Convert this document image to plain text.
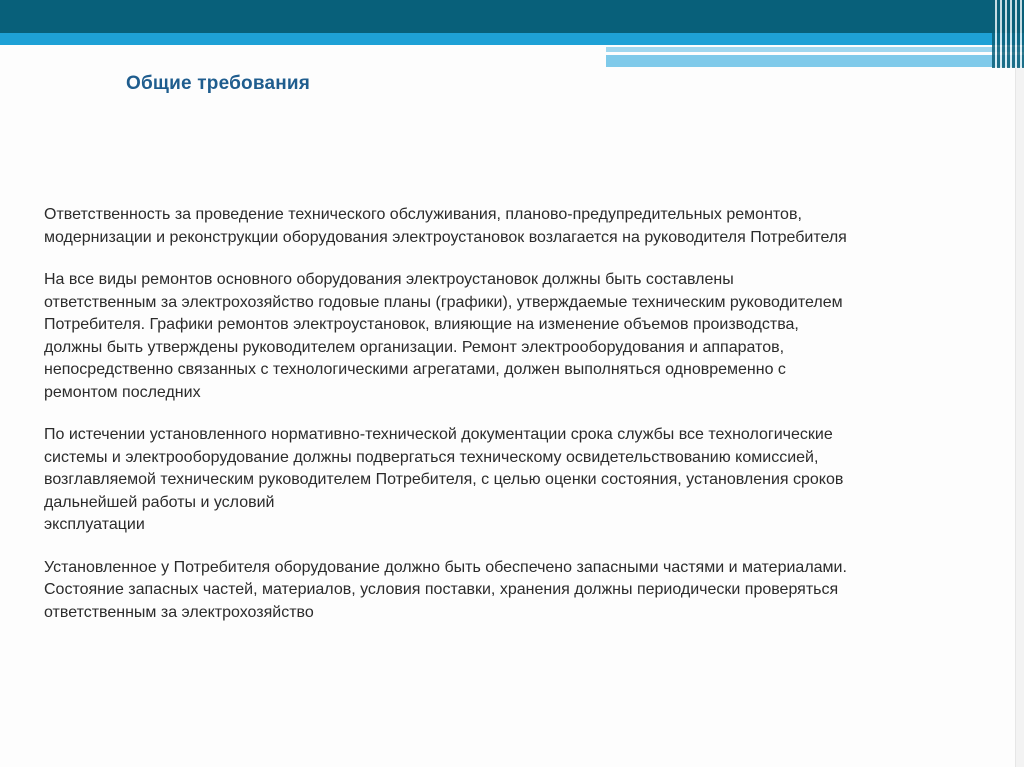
Общие требования

Ответственность за проведение технического обслуживания, планово-предупредительных ремонтов,
модернизации и реконструкции оборудования электроустановок возлагается на руководителя Потребителя

На все виды ремонтов основного оборудования электроустановок должны быть составлены
ответственным за электрохозяйство годовые планы (графики), утверждаемые техническим руководителем
Потребителя. Графики ремонтов электроустановок, влияющие на изменение объемов производства,
должны быть утверждены руководителем организации. Ремонт электрооборудования и аппаратов,
непосредственно связанных с технологическими агрегатами, должен выполняться одновременно с
ремонтом последних

По истечении установленного нормативно-технической документации срока службы все технологические
системы и электрооборудование должны подвергаться техническому освидетельствованию комиссией,
возглавляемой техническим руководителем Потребителя, с целью оценки состояния, установления сроков
дальнейшей работы и условий
эксплуатации

Установленное у Потребителя оборудование должно быть обеспечено запасными частями и материалами.
Состояние запасных частей, материалов, условия поставки, хранения должны периодически проверяться
ответственным за электрохозяйство
